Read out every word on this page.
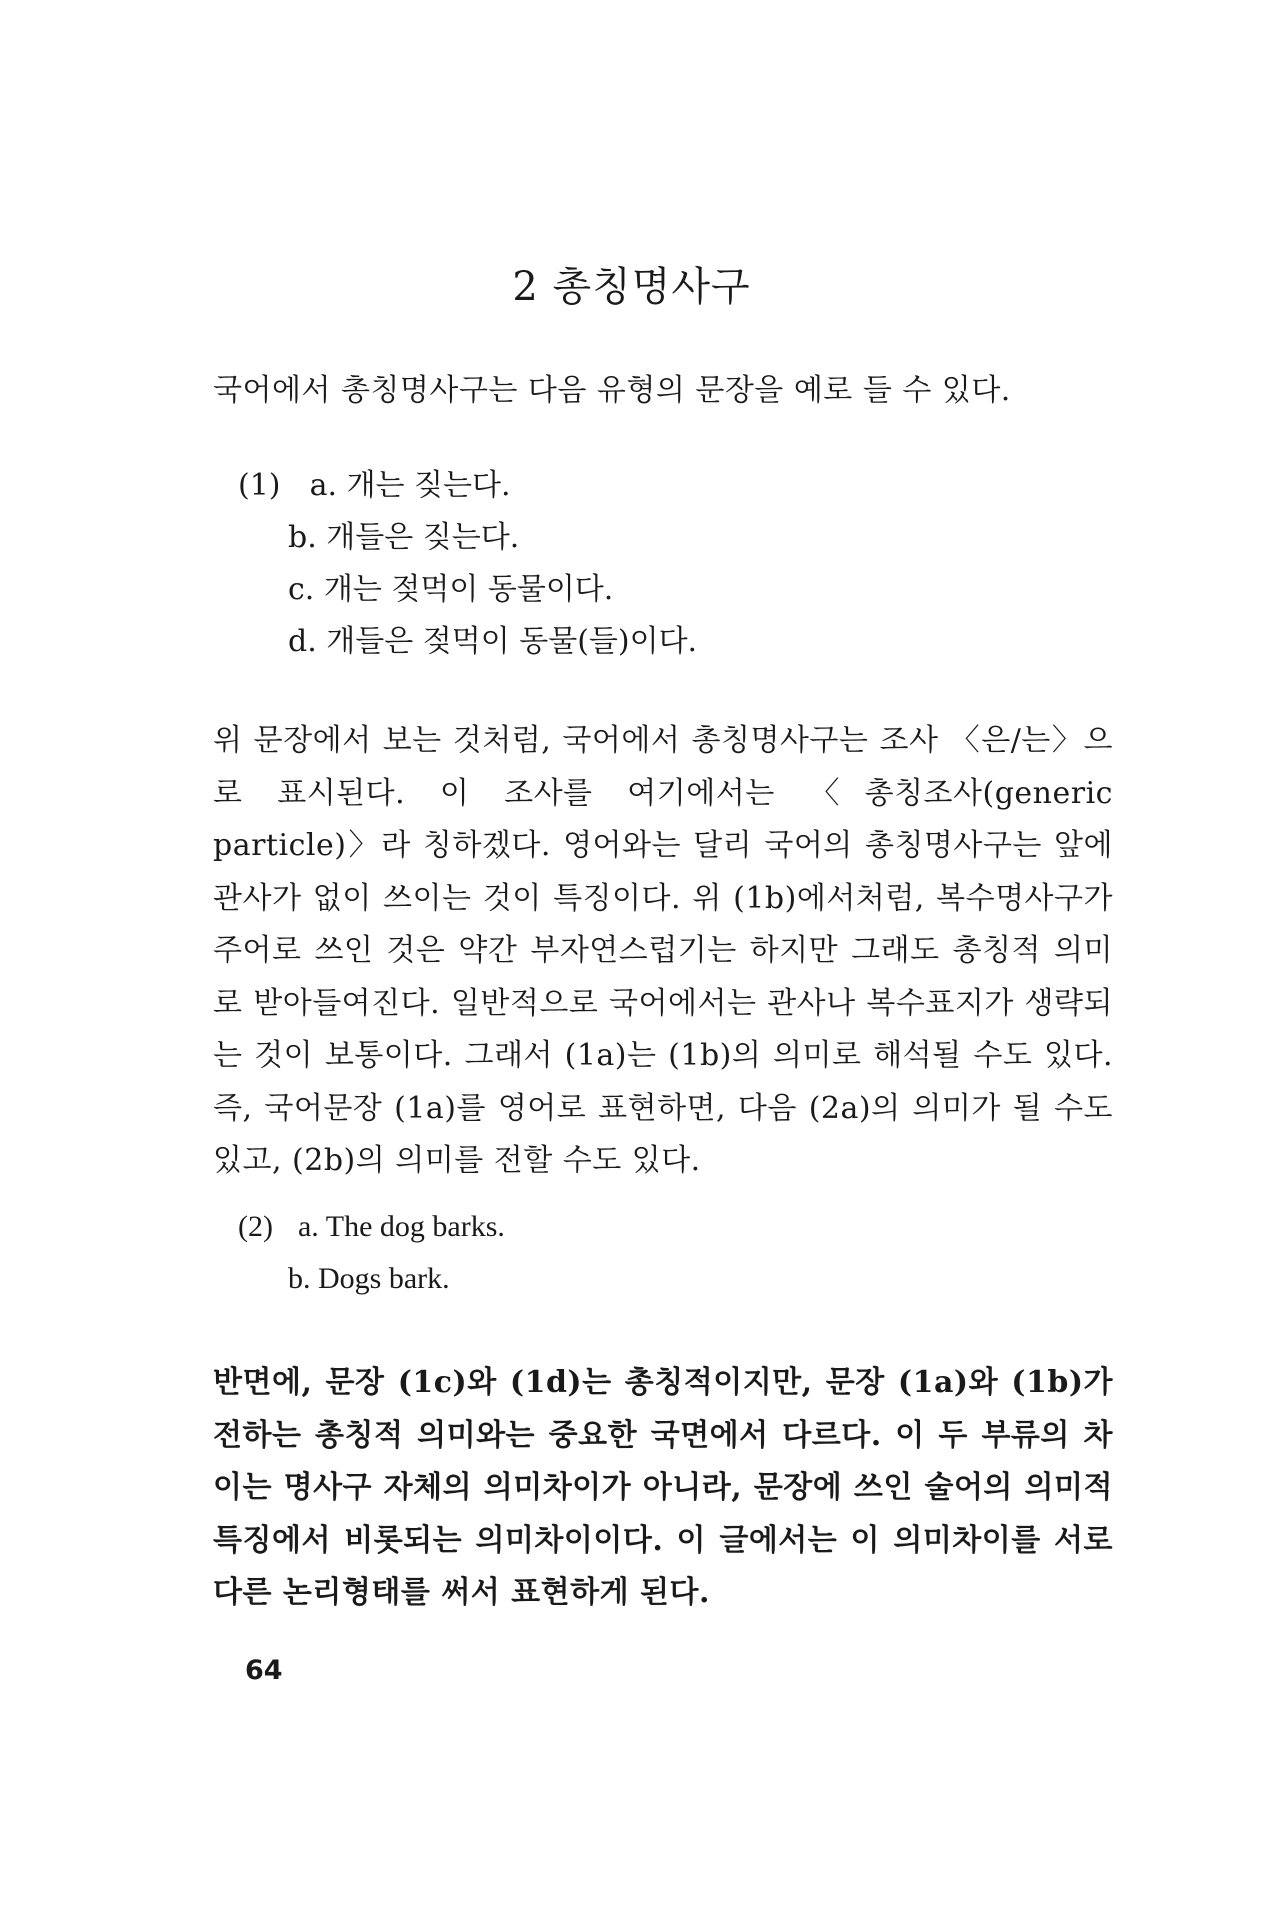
2 총칭명사구
국어에서 총칭명사구는 다음 유형의 문장을 예로 들 수 있다.
(1) a. 개는 짖는다.
b. 개들은 짖는다.
c. 개는 젖먹이 동물이다.
d. 개들은 젖먹이 동물(들)이다.
위 문장에서 보는 것처럼, 국어에서 총칭명사구는 조사 〈은/는〉으로 표시된다. 이 조사를 여기에서는 〈총칭조사(generic particle)〉라 칭하겠다. 영어와는 달리 국어의 총칭명사구는 앞에 관사가 없이 쓰이는 것이 특징이다. 위 (1b)에서처럼, 복수명사구가 주어로 쓰인 것은 약간 부자연스럽기는 하지만 그래도 총칭적 의미로 받아들여진다. 일반적으로 국어에서는 관사나 복수표지가 생략되는 것이 보통이다. 그래서 (1a)는 (1b)의 의미로 해석될 수도 있다. 즉, 국어문장 (1a)를 영어로 표현하면, 다음 (2a)의 의미가 될 수도 있고, (2b)의 의미를 전할 수도 있다.
(2) a. The dog barks.
b. Dogs bark.
반면에, 문장 (1c)와 (1d)는 총칭적이지만, 문장 (1a)와 (1b)가 전하는 총칭적 의미와는 중요한 국면에서 다르다. 이 두 부류의 차이는 명사구 자체의 의미차이가 아니라, 문장에 쓰인 술어의 의미적 특징에서 비롯되는 의미차이이다. 이 글에서는 이 의미차이를 서로 다른 논리형태를 써서 표현하게 된다.
64
